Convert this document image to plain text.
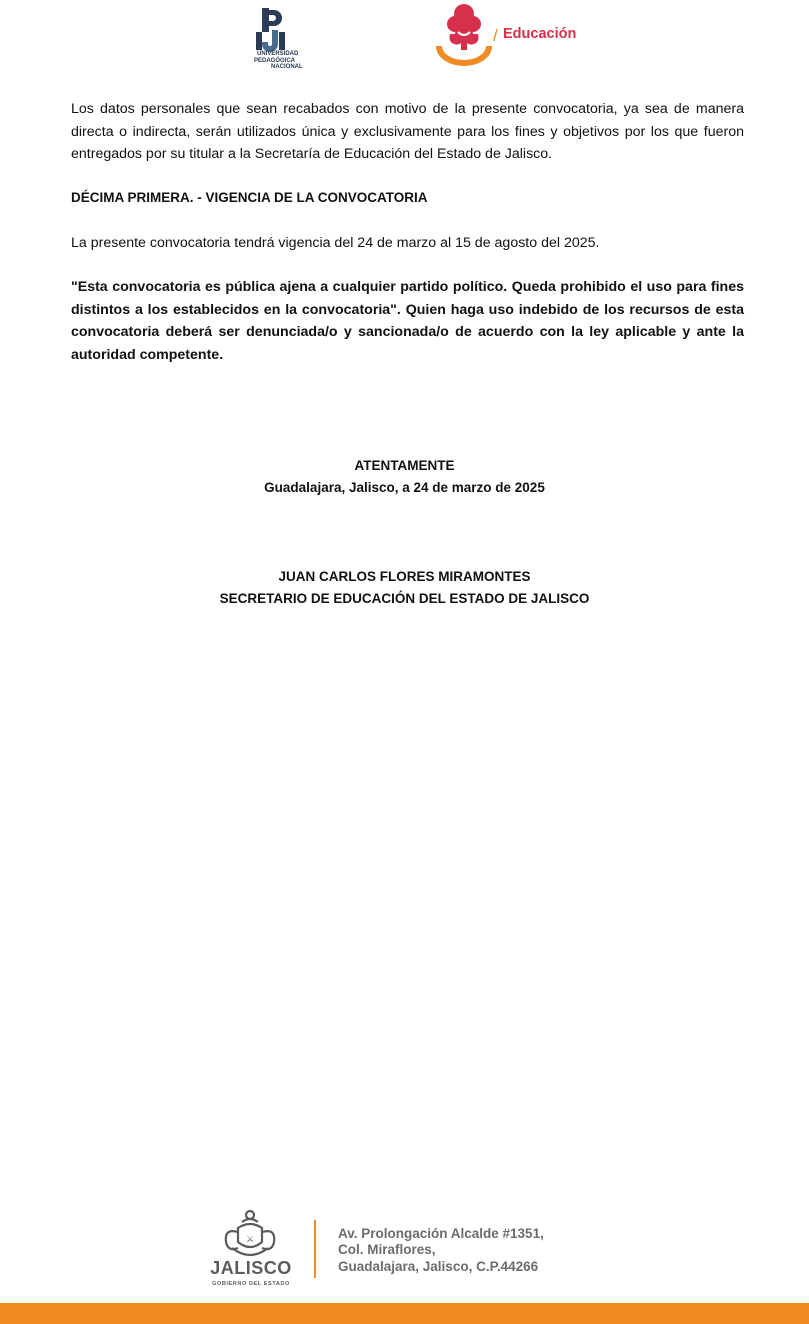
UNIVERSIDAD
PEDAGÓGICA
NACIONAL
/ Educación

Los datos personales que sean recabados con motivo de la presente convocatoria, ya sea de manera directa o indirecta, serán utilizados única y exclusivamente para los fines y objetivos por los que fueron entregados por su titular a la Secretaría de Educación del Estado de Jalisco.

DÉCIMA PRIMERA. - VIGENCIA DE LA CONVOCATORIA

La presente convocatoria tendrá vigencia del 24 de marzo al 15 de agosto del 2025.

"Esta convocatoria es pública ajena a cualquier partido político. Queda prohibido el uso para fines distintos a los establecidos en la convocatoria". Quien haga uso indebido de los recursos de esta convocatoria deberá ser denunciada/o y sancionada/o de acuerdo con la ley aplicable y ante la autoridad competente.

ATENTAMENTE
Guadalajara, Jalisco, a 24 de marzo de 2025
JUAN CARLOS FLORES MIRAMONTES
SECRETARIO DE EDUCACIÓN DEL ESTADO DE JALISCO
⚔
JALISCO
GOBIERNO DEL ESTADO
Av. Prolongación Alcalde #1351,
Col. Miraflores,
Guadalajara, Jalisco, C.P.44266
